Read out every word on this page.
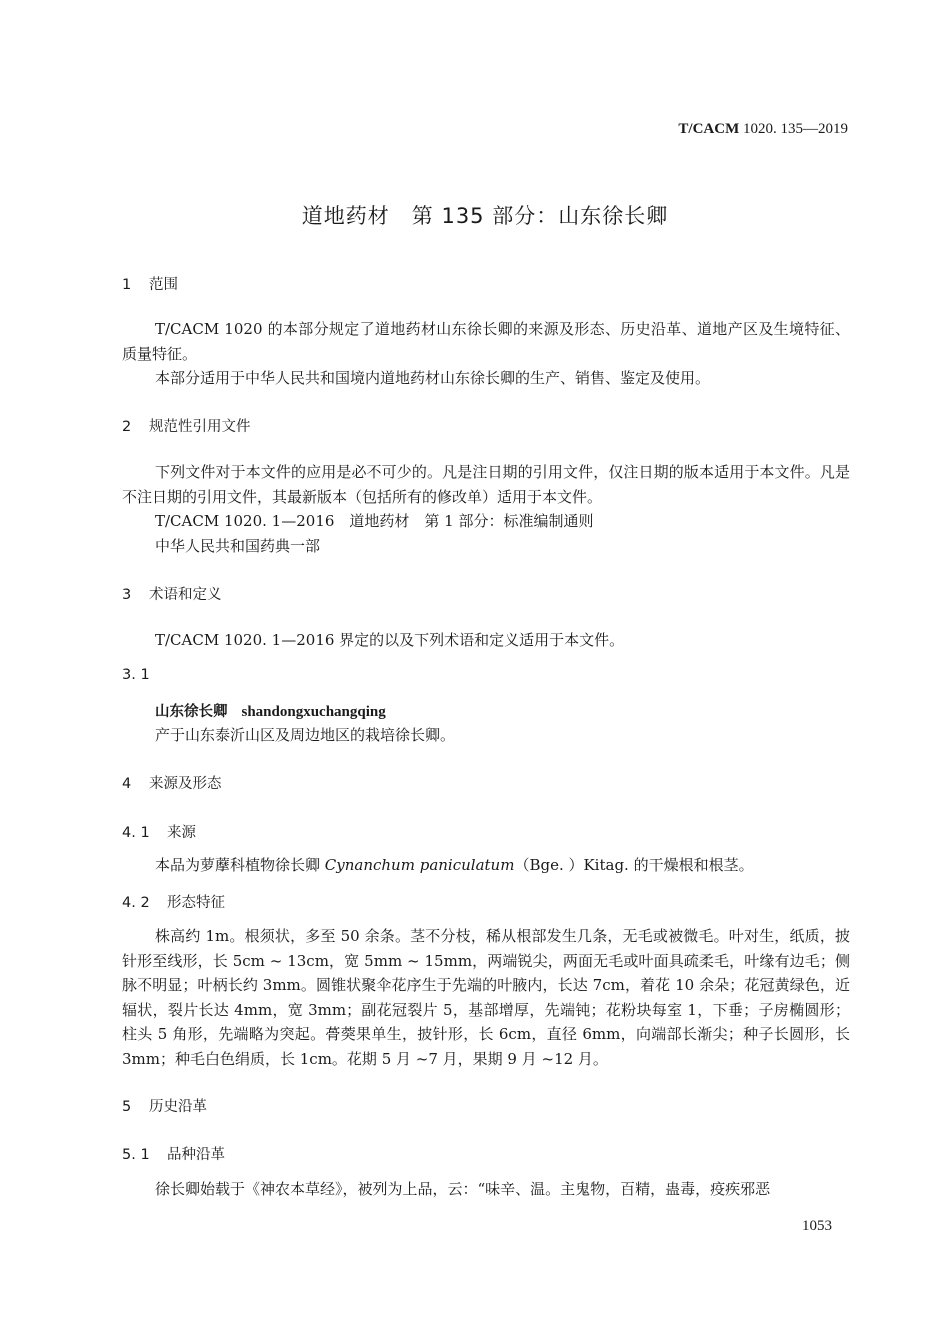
T/CACM 1020. 135—2019
道地药材　第 135 部分：山东徐长卿
1 范围
T/CACM 1020 的本部分规定了道地药材山东徐长卿的来源及形态、历史沿革、道地产区及生境特征、质量特征。
本部分适用于中华人民共和国境内道地药材山东徐长卿的生产、销售、鉴定及使用。
2 规范性引用文件
下列文件对于本文件的应用是必不可少的。凡是注日期的引用文件，仅注日期的版本适用于本文件。凡是不注日期的引用文件，其最新版本（包括所有的修改单）适用于本文件。
T/CACM 1020. 1—2016　道地药材　第 1 部分：标准编制通则
中华人民共和国药典一部
3 术语和定义
T/CACM 1020. 1—2016 界定的以及下列术语和定义适用于本文件。
3. 1
山东徐长卿 shandongxuchangqing
产于山东泰沂山区及周边地区的栽培徐长卿。
4 来源及形态
4. 1 来源
本品为萝藦科植物徐长卿 Cynanchum paniculatum（Bge. ）Kitag. 的干燥根和根茎。
4. 2 形态特征
株高约 1m。根须状，多至 50 余条。茎不分枝，稀从根部发生几条，无毛或被微毛。叶对生，纸质，披针形至线形，长 5cm ~ 13cm，宽 5mm ~ 15mm，两端锐尖，两面无毛或叶面具疏柔毛，叶缘有边毛；侧脉不明显；叶柄长约 3mm。圆锥状聚伞花序生于先端的叶腋内，长达 7cm，着花 10 余朵；花冠黄绿色，近辐状，裂片长达 4mm，宽 3mm；副花冠裂片 5，基部增厚，先端钝；花粉块每室 1，下垂；子房椭圆形；柱头 5 角形，先端略为突起。蓇葖果单生，披针形，长 6cm，直径 6mm，向端部长渐尖；种子长圆形，长 3mm；种毛白色绢质，长 1cm。花期 5 月 ~7 月，果期 9 月 ~12 月。
5 历史沿革
5. 1 品种沿革
徐长卿始载于《神农本草经》，被列为上品，云：“味辛、温。主鬼物，百精，蛊毒，疫疾邪恶
1053
